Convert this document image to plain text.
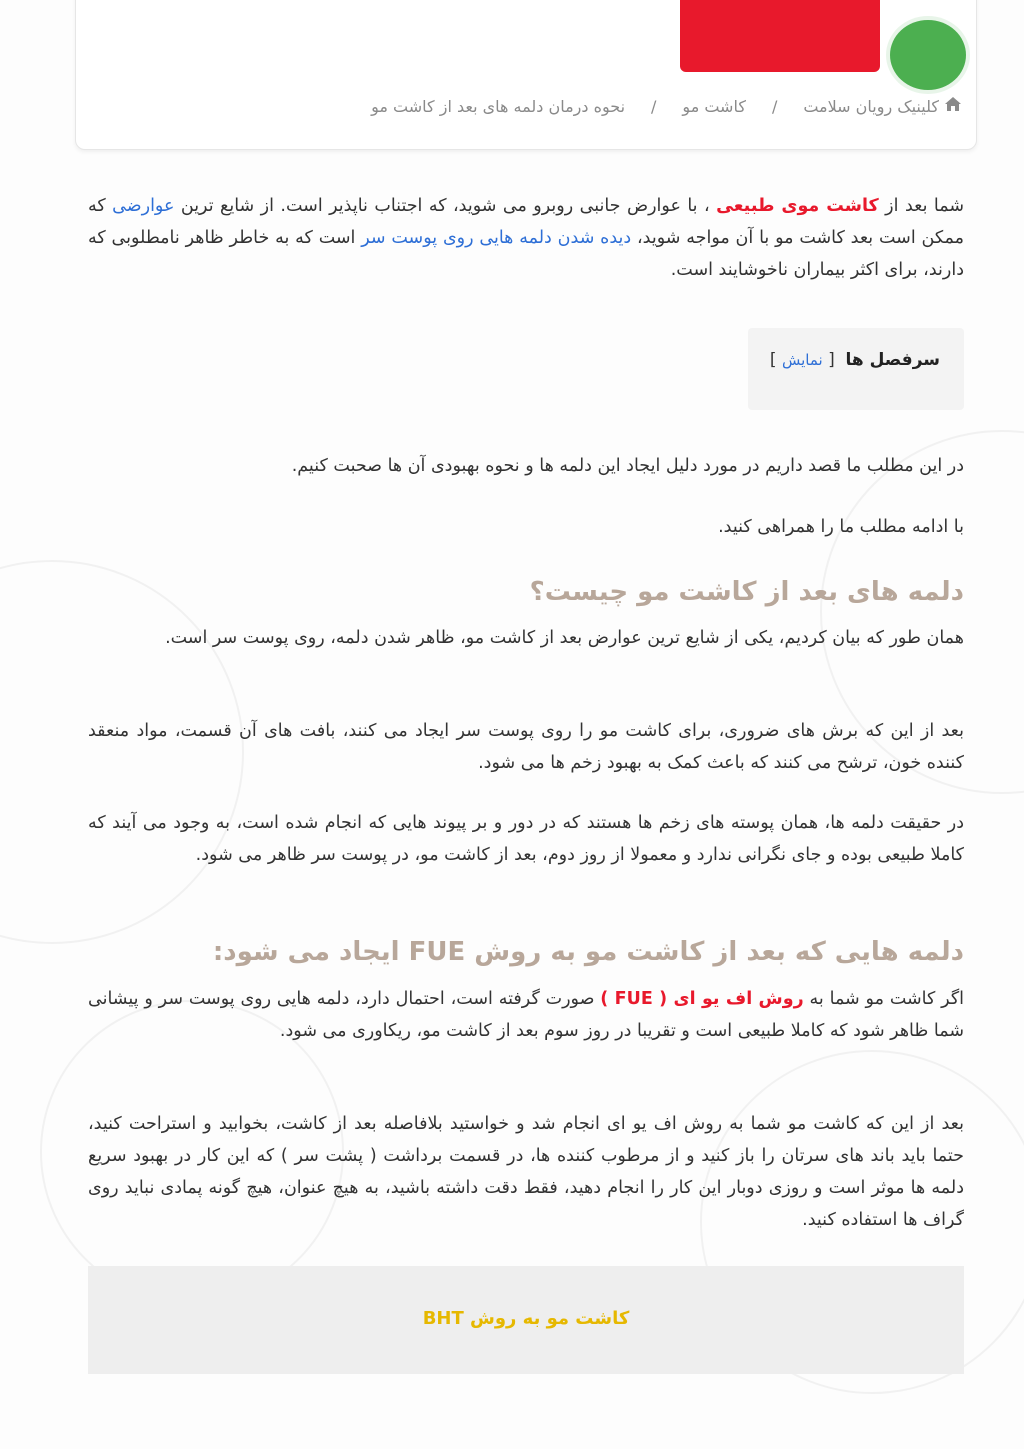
کلینیک رویان سلامت/کاشت مو/نحوه درمان دلمه های بعد از کاشت مو

شما بعد از کاشت موی طبیعی ، با عوارض جانبی روبرو می شوید، که اجتناب ناپذیر است. از شایع ترین عوارضی که ممکن است بعد کاشت مو با آن مواجه شوید، دیده شدن دلمه هایی روی پوست سر است که به خاطر ظاهر نامطلوبی که دارند، برای اکثر بیماران ناخوشایند است.

سرفصل ها  [ نمایش ]

در این مطلب ما قصد داریم در مورد دلیل ایجاد این دلمه ها و نحوه بهبودی آن ها صحبت کنیم.

با ادامه مطلب ما را همراهی کنید.

دلمه های بعد از کاشت مو چیست؟

همان طور که بیان کردیم، یکی از شایع ترین عوارض بعد از کاشت مو، ظاهر شدن دلمه، روی پوست سر است.

بعد از این که برش های ضروری، برای کاشت مو را روی پوست سر ایجاد می کنند، بافت های آن قسمت، مواد منعقد کننده خون، ترشح می کنند که باعث کمک به بهبود زخم ها می شود.

در حقیقت دلمه ها، همان پوسته های زخم ها هستند که در دور و بر پیوند هایی که انجام شده است، به وجود می آیند که کاملا طبیعی بوده و جای نگرانی ندارد و معمولا از روز دوم، بعد از کاشت مو، در پوست سر ظاهر می شود.

دلمه هایی که بعد از کاشت مو به روش FUE ایجاد می شود:

اگر کاشت مو شما به روش اف یو ای ( FUE ) صورت گرفته است، احتمال دارد، دلمه هایی روی پوست سر و پیشانی شما ظاهر شود که کاملا طبیعی است و تقریبا در روز سوم بعد از کاشت مو، ریکاوری می شود.

بعد از این که کاشت مو شما به روش اف یو ای انجام شد و خواستید بلافاصله بعد از کاشت، بخوابید و استراحت کنید، حتما باید باند های سرتان را باز کنید و از مرطوب کننده ها، در قسمت برداشت ( پشت سر ) که این کار در بهبود سریع دلمه ها موثر است و روزی دوبار این کار را انجام دهید، فقط دقت داشته باشید، به هیچ عنوان، هیچ گونه پمادی نباید روی گراف ها استفاده کنید.

کاشت مو به روش BHT
